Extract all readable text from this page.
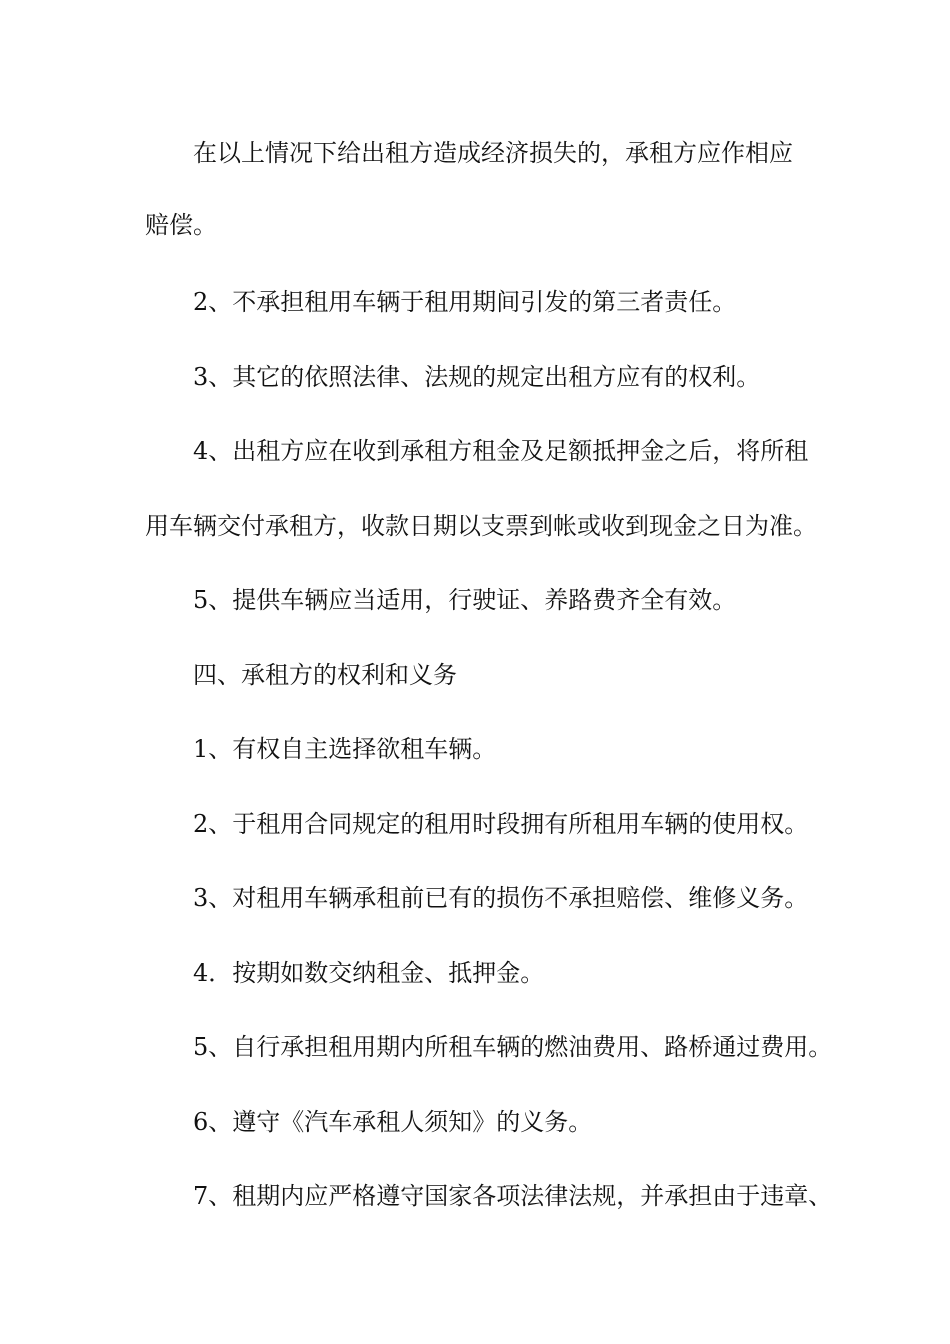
在以上情况下给出租方造成经济损失的，承租方应作相应

赔偿。

2、不承担租用车辆于租用期间引发的第三者责任。

3、其它的依照法律、法规的规定出租方应有的权利。

4、出租方应在收到承租方租金及足额抵押金之后，将所租

用车辆交付承租方，收款日期以支票到帐或收到现金之日为准。

5、提供车辆应当适用，行驶证、养路费齐全有效。

四、承租方的权利和义务

1、有权自主选择欲租车辆。

2、于租用合同规定的租用时段拥有所租用车辆的使用权。

3、对租用车辆承租前已有的损伤不承担赔偿、维修义务。

4．按期如数交纳租金、抵押金。

5、自行承担租用期内所租车辆的燃油费用、路桥通过费用。

6、遵守《汽车承租人须知》的义务。

7、租期内应严格遵守国家各项法律法规，并承担由于违章、
